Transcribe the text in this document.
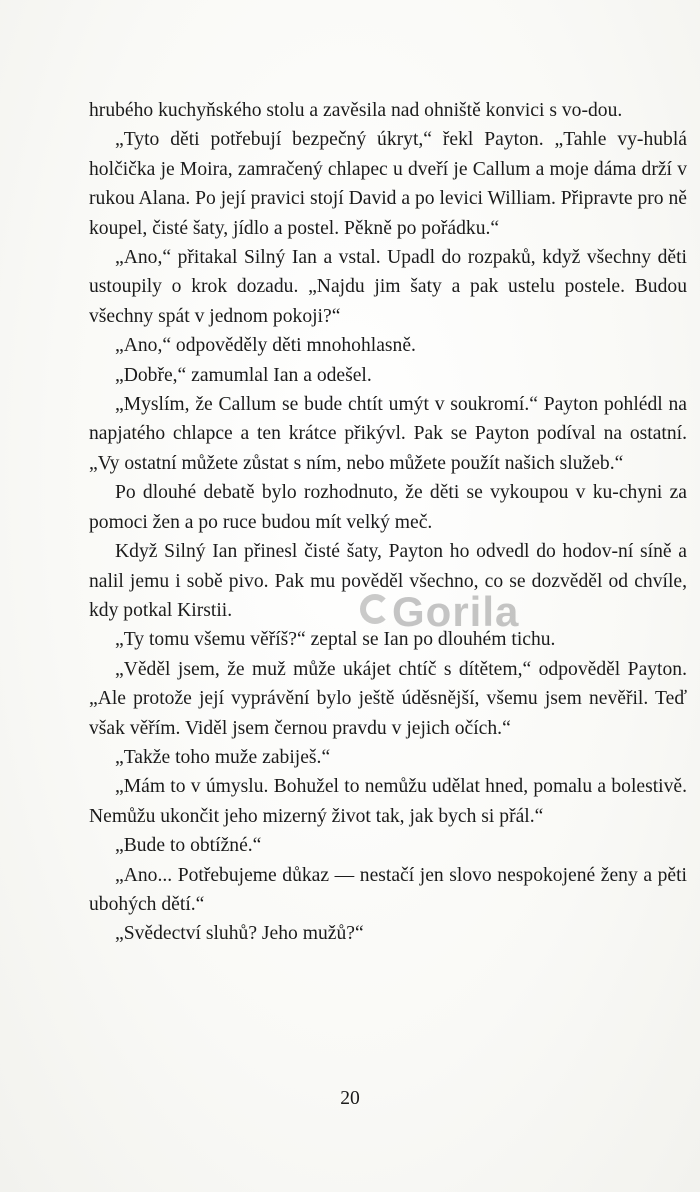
hrubého kuchyňského stolu a zavěsila nad ohniště konvici s vo-dou.

„Tyto děti potřebují bezpečný úkryt,“ řekl Payton. „Tahle vy-hublá holčička je Moira, zamračený chlapec u dveří je Callum a moje dáma drží v rukou Alana. Po její pravici stojí David a po levici William. Připravte pro ně koupel, čisté šaty, jídlo a postel. Pěkně po pořádku.“

„Ano,“ přitakal Silný Ian a vstal. Upadl do rozpaků, když všechny děti ustoupily o krok dozadu. „Najdu jim šaty a pak ustelu postele. Budou všechny spát v jednom pokoji?“

„Ano,“ odpověděly děti mnohohlasně.

„Dobře,“ zamumlal Ian a odešel.

„Myslím, že Callum se bude chtít umýt v soukromí.“ Payton pohlédl na napjatého chlapce a ten krátce přikývl. Pak se Payton podíval na ostatní. „Vy ostatní můžete zůstat s ním, nebo můžete použít našich služeb.“

Po dlouhé debatě bylo rozhodnuto, že děti se vykoupou v ku-chyni za pomoci žen a po ruce budou mít velký meč.

Když Silný Ian přinesl čisté šaty, Payton ho odvedl do hodov-ní síně a nalil jemu i sobě pivo. Pak mu pověděl všechno, co se dozvěděl od chvíle, kdy potkal Kirstii.

„Ty tomu všemu věříš?“ zeptal se Ian po dlouhém tichu.

„Věděl jsem, že muž může ukájet chtíč s dítětem,“ odpověděl Payton. „Ale protože její vyprávění bylo ještě úděsnější, všemu jsem nevěřil. Teď však věřím. Viděl jsem černou pravdu v jejich očích.“

„Takže toho muže zabiješ.“

„Mám to v úmyslu. Bohužel to nemůžu udělat hned, pomalu a bolestivě. Nemůžu ukončit jeho mizerný život tak, jak bych si přál.“

„Bude to obtížné.“

„Ano... Potřebujeme důkaz — nestačí jen slovo nespokojené ženy a pěti ubohých dětí.“

„Svědectví sluhů? Jeho mužů?“

Gorila
20
